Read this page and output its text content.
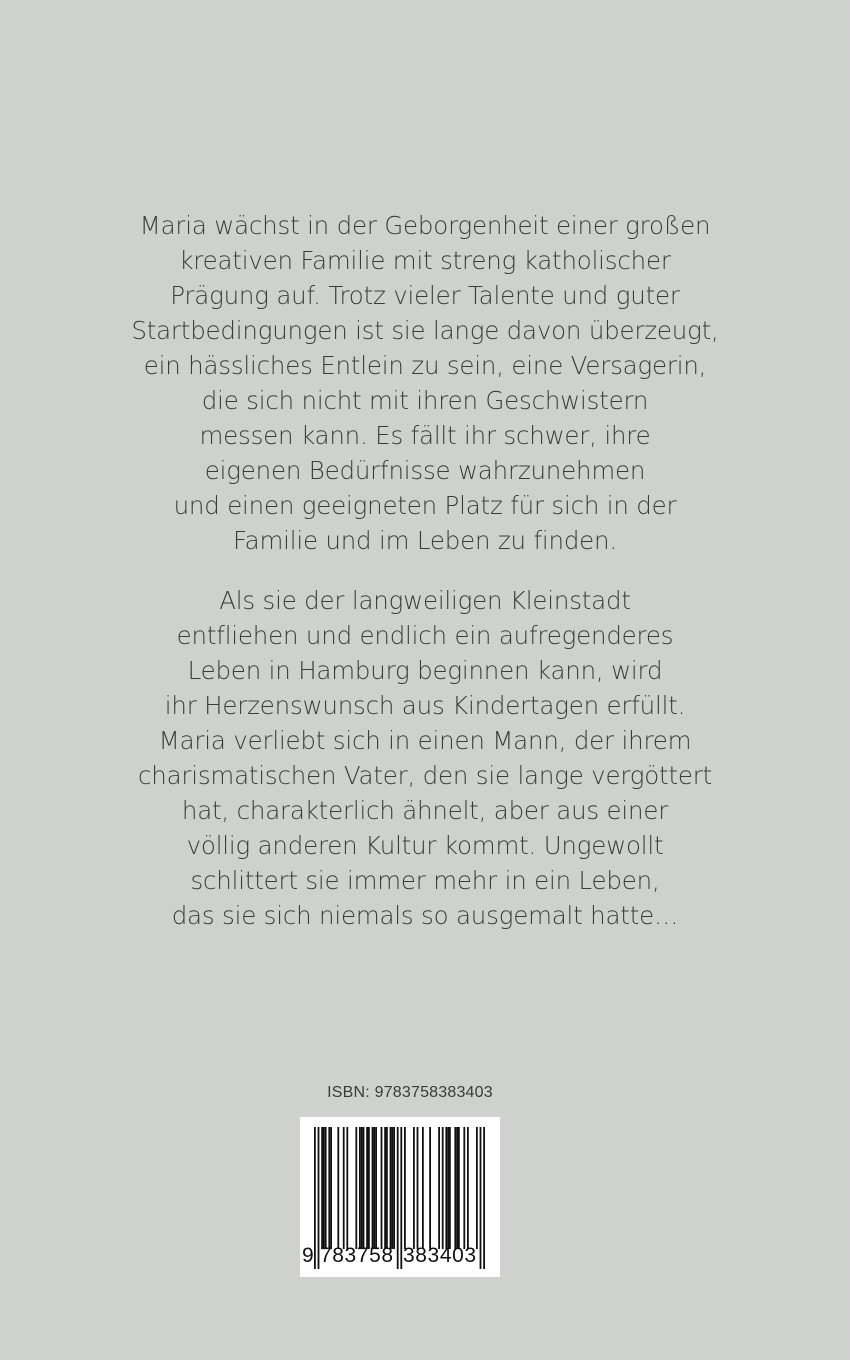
Maria wächst in der Geborgenheit einer großen
kreativen Familie mit streng katholischer
Prägung auf. Trotz vieler Talente und guter
Startbedingungen ist sie lange davon überzeugt,
ein hässliches Entlein zu sein, eine Versagerin,
die sich nicht mit ihren Geschwistern
messen kann. Es fällt ihr schwer, ihre
eigenen Bedürfnisse wahrzunehmen
und einen geeigneten Platz für sich in der
Familie und im Leben zu finden.
Als sie der langweiligen Kleinstadt
entfliehen und endlich ein aufregenderes
Leben in Hamburg beginnen kann, wird
ihr Herzenswunsch aus Kindertagen erfüllt.
Maria verliebt sich in einen Mann, der ihrem
charismatischen Vater, den sie lange vergöttert
hat, charakterlich ähnelt, aber aus einer
völlig anderen Kultur kommt. Ungewollt
schlittert sie immer mehr in ein Leben,
das sie sich niemals so ausgemalt hatte…
ISBN: 9783758383403
9 783758 383403
